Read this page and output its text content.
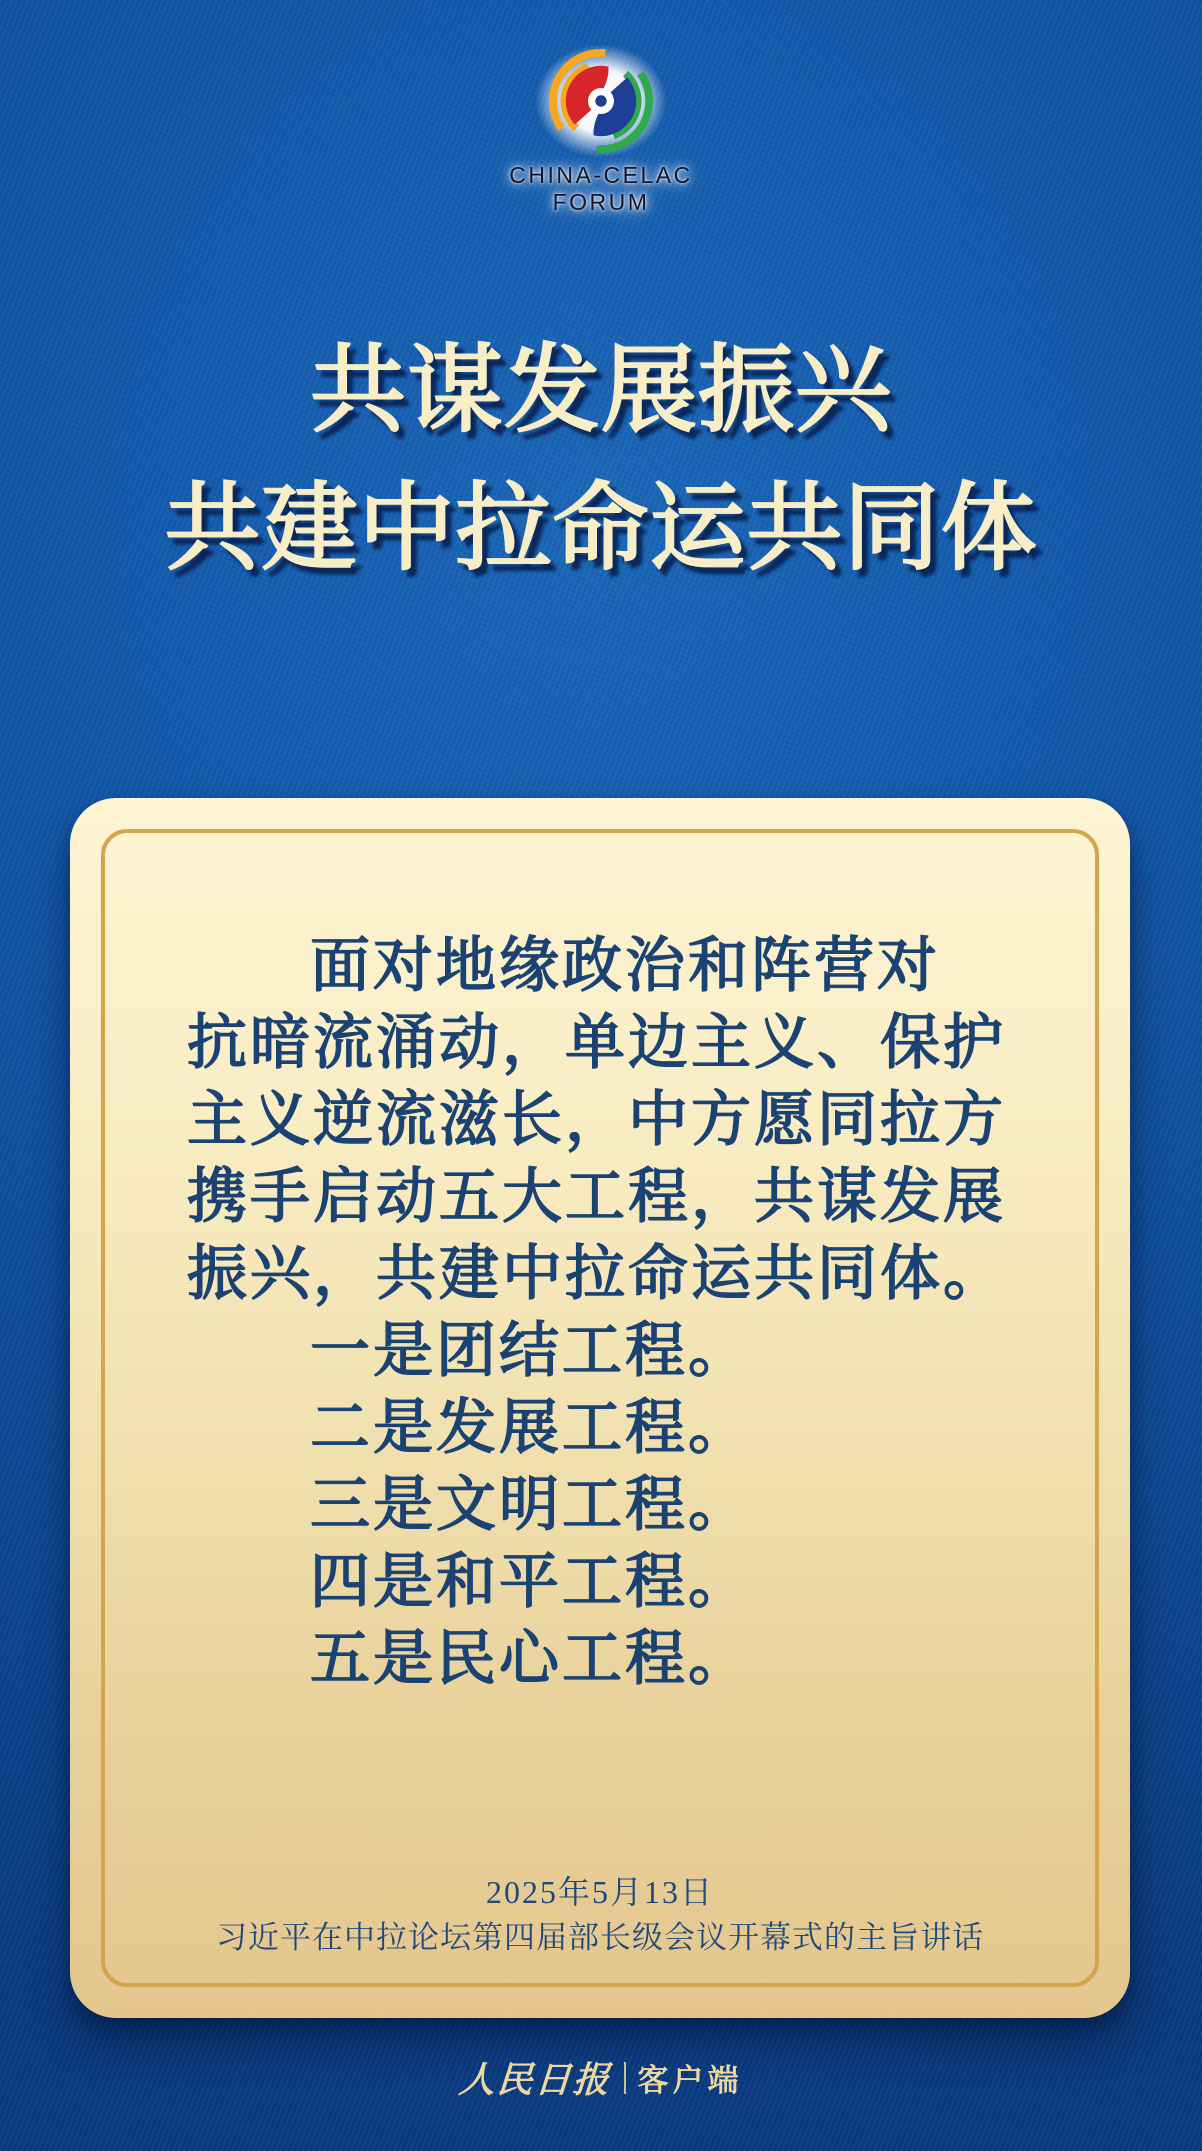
CHINA-CELAC
FORUM
共谋发展振兴
共建中拉命运共同体
面对地缘政治和阵营对
抗暗流涌动，单边主义、保护
主义逆流滋长，中方愿同拉方
携手启动五大工程，共谋发展
振兴，共建中拉命运共同体。
一是团结工程。
二是发展工程。
三是文明工程。
四是和平工程。
五是民心工程。
2025年5月13日
习近平在中拉论坛第四届部长级会议开幕式的主旨讲话
人民日报 客户端
